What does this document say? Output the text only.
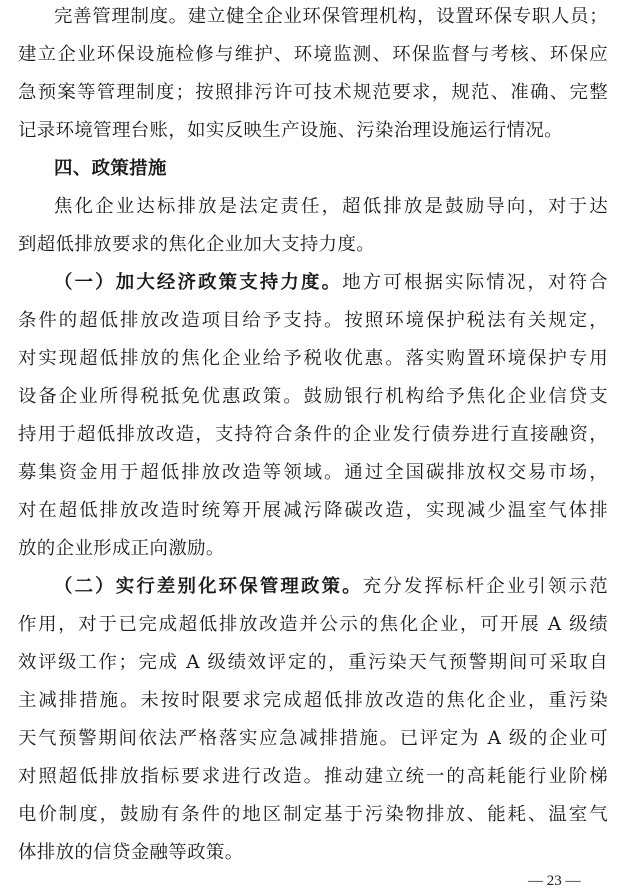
完善管理制度。建立健全企业环保管理机构，设置环保专职人员；
建立企业环保设施检修与维护、环境监测、环保监督与考核、环保应
急预案等管理制度；按照排污许可技术规范要求，规范、准确、完整
记录环境管理台账，如实反映生产设施、污染治理设施运行情况。
四、政策措施
焦化企业达标排放是法定责任，超低排放是鼓励导向，对于达
到超低排放要求的焦化企业加大支持力度。
（一）加大经济政策支持力度。地方可根据实际情况，对符合
条件的超低排放改造项目给予支持。按照环境保护税法有关规定，
对实现超低排放的焦化企业给予税收优惠。落实购置环境保护专用
设备企业所得税抵免优惠政策。鼓励银行机构给予焦化企业信贷支
持用于超低排放改造，支持符合条件的企业发行债券进行直接融资，
募集资金用于超低排放改造等领域。通过全国碳排放权交易市场，
对在超低排放改造时统筹开展减污降碳改造，实现减少温室气体排
放的企业形成正向激励。
（二）实行差别化环保管理政策。充分发挥标杆企业引领示范
作用，对于已完成超低排放改造并公示的焦化企业，可开展 A 级绩
效评级工作；完成 A 级绩效评定的，重污染天气预警期间可采取自
主减排措施。未按时限要求完成超低排放改造的焦化企业，重污染
天气预警期间依法严格落实应急减排措施。已评定为 A 级的企业可
对照超低排放指标要求进行改造。推动建立统一的高耗能行业阶梯
电价制度，鼓励有条件的地区制定基于污染物排放、能耗、温室气
体排放的信贷金融等政策。
— 23 —
